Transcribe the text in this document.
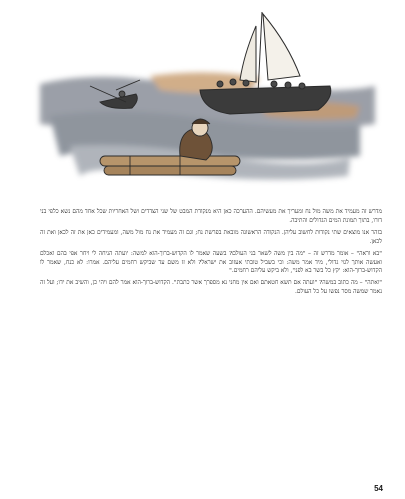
מדרש זה מעמיד את משה מול נח ומעריך את מעשיהם. ההערכה כאן היא מנקודת המבט של שני הצדדים ושל האחריות שכל אחד מהם נשא כלפי בני דורו, בתוך תמונת המים הגדולים והתיבה.

בזהר אנו מוצאים שתי נקודות לחשוב עליהן. הנקודה הראשונה מובאת בפרשת נח; וגם זה מעמיד את נח מול משה, ומעמידים כאן את זה לכאן ואת זה לכאן.

"בא וראה" – אומר מדרש זה – "מה בין משה לשאר בני העולם? בשעה שאמר לו הקדוש-ברוך-הוא למשה: 'ועתה הניחה לי ויחר אפי בהם ואכלם ואעשה אותך לגוי גדול', מיד אמר משה: וכי בשביל טובתי אעזוב את ישראל? ולא זז משם עד שביקש רחמים עליהם. אמרו: לא כנח, שאמר לו הקדוש-ברוך-הוא: 'קץ כל בשר בא לפני', ולא ביקש עליהם רחמים."

"ואתה" – מה כתוב במשה? "ועתה אם תשא חטאתם ואם אין מחני נא מספרך אשר כתבת". הקדוש-ברוך-הוא אמר להם ויהי כן, והשיב את ידו; ועל זה נאמר שמשה מסר נפשו על כל העולם.

54
